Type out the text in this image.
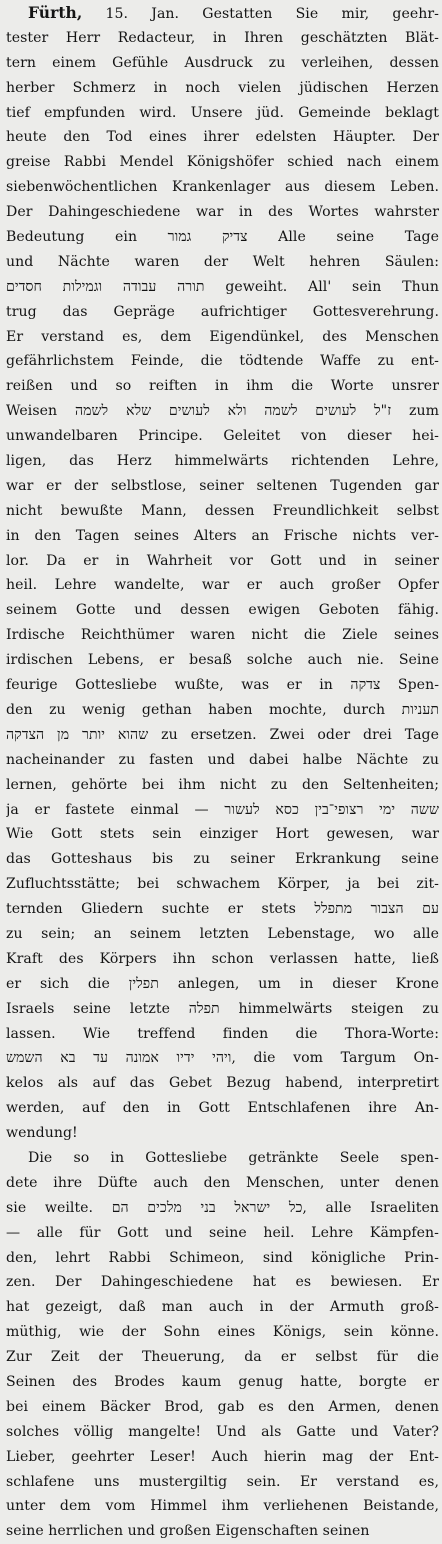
Fürth, 15. Jan. Gestatten Sie mir, geehr-
tester Herr Redacteur, in Ihren geschätzten Blät-
tern einem Gefühle Ausdruck zu verleihen, dessen
herber Schmerz in noch vielen jüdischen Herzen
tief empfunden wird. Unsere jüd. Gemeinde beklagt
heute den Tod eines ihrer edelsten Häupter. Der
greise Rabbi Mendel Königshöfer schied nach einem
siebenwöchentlichen Krankenlager aus diesem Leben.
Der Dahingeschiedene war in des Wortes wahrster
Bedeutung ein צדיק גמור Alle seine Tage
und Nächte waren der Welt hehren Säulen:
תורה עבודה וגמילות חסדים geweiht. All' sein Thun
trug das Gepräge aufrichtiger Gottesverehrung.
Er verstand es, dem Eigendünkel, des Menschen
gefährlichstem Feinde, die tödtende Waffe zu ent-
reißen und so reiften in ihm die Worte unsrer
Weisen ז"ל לעושים לשמה ולא לעושים שלא לשמה zum
unwandelbaren Principe. Geleitet von dieser hei-
ligen, das Herz himmelwärts richtenden Lehre,
war er der selbstlose, seiner seltenen Tugenden gar
nicht bewußte Mann, dessen Freundlichkeit selbst
in den Tagen seines Alters an Frische nichts ver-
lor. Da er in Wahrheit vor Gott und in seiner
heil. Lehre wandelte, war er auch großer Opfer
seinem Gotte und dessen ewigen Geboten fähig.
Irdische Reichthümer waren nicht die Ziele seines
irdischen Lebens, er besaß solche auch nie. Seine
feurige Gottesliebe wußte, was er in צדקה Spen-
den zu wenig gethan haben mochte, durch תעניות
שהוא יותר מן הצדקה zu ersetzen. Zwei oder drei Tage
nacheinander zu fasten und dabei halbe Nächte zu
lernen, gehörte bei ihm nicht zu den Seltenheiten;
ja er fastete einmal — ששה ימי רצופי־בין כסא לעשור
Wie Gott stets sein einziger Hort gewesen, war
das Gotteshaus bis zu seiner Erkrankung seine
Zufluchtsstätte; bei schwachem Körper, ja bei zit-
ternden Gliedern suchte er stets עם הצבור מתפלל
zu sein; an seinem letzten Lebenstage, wo alle
Kraft des Körpers ihn schon verlassen hatte, ließ
er sich die תפלין anlegen, um in dieser Krone
Israels seine letzte תפלה himmelwärts steigen zu
lassen. Wie treffend finden die Thora-Worte:
ויהי ידיו אמונה עד בא השמש, die vom Targum On-
kelos als auf das Gebet Bezug habend, interpretirt
werden, auf den in Gott Entschlafenen ihre An-
wendung!
Die so in Gottesliebe getränkte Seele spen-
dete ihre Düfte auch den Menschen, unter denen
sie weilte. כל ישראל בני מלכים הם, alle Israeliten
— alle für Gott und seine heil. Lehre Kämpfen-
den, lehrt Rabbi Schimeon, sind königliche Prin-
zen. Der Dahingeschiedene hat es bewiesen. Er
hat gezeigt, daß man auch in der Armuth groß-
müthig, wie der Sohn eines Königs, sein könne.
Zur Zeit der Theuerung, da er selbst für die
Seinen des Brodes kaum genug hatte, borgte er
bei einem Bäcker Brod, gab es den Armen, denen
solches völlig mangelte! Und als Gatte und Vater?
Lieber, geehrter Leser! Auch hierin mag der Ent-
schlafene uns mustergiltig sein. Er verstand es,
unter dem vom Himmel ihm verliehenen Beistande,
seine herrlichen und großen Eigenschaften seinen
